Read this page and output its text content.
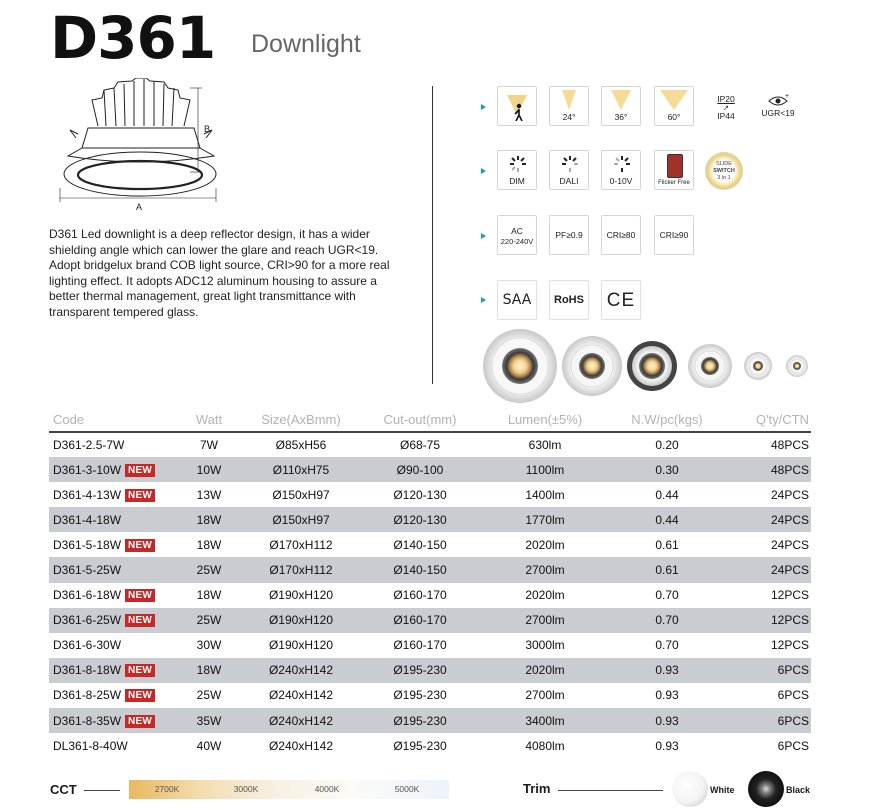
D361 Downlight
A
B
D361 Led downlight is a deep reflector design, it has a wider shielding angle which can lower the glare and reach UGR<19. Adopt bridgelux brand COB light source, CRI>90 for a more real lighting effect. It adopts ADC12 aluminum housing to assure a better thermal management, great light transmittance with transparent tempered glass.
24°	36°	60°
IP20
↗
IP44
+
UGR<19
DIM	DALI	0-10V	Flicker Free
SLIDE
SWITCH
3 in 1
AC
220-240V
PF≥0.9	CRI≥80	CRI≥90
SAA	RoHS CE
Code	Watt	Size(AxBmm)	Cut-out(mm)	Lumen(±5%)	N.W/pc(kgs)	Q'ty/CTN
D361-2.5-7W	7W	Ø85xH56	Ø68-75	630lm	0.20	48PCS
D361-3-10W NEW	10W	Ø110xH75	Ø90-100	1100lm	0.30	48PCS
D361-4-13W NEW	13W	Ø150xH97	Ø120-130	1400lm	0.44	24PCS
D361-4-18W	18W	Ø150xH97	Ø120-130	1770lm	0.44	24PCS
D361-5-18W NEW	18W	Ø170xH112	Ø140-150	2020lm	0.61	24PCS
D361-5-25W	25W	Ø170xH112	Ø140-150	2700lm	0.61	24PCS
D361-6-18W NEW	18W	Ø190xH120	Ø160-170	2020lm	0.70	12PCS
D361-6-25W NEW	25W	Ø190xH120	Ø160-170	2700lm	0.70	12PCS
D361-6-30W	30W	Ø190xH120	Ø160-170	3000lm	0.70	12PCS
D361-8-18W NEW	18W	Ø240xH142	Ø195-230	2020lm	0.93	6PCS
D361-8-25W NEW	25W	Ø240xH142	Ø195-230	2700lm	0.93	6PCS
D361-8-35W NEW	35W	Ø240xH142	Ø195-230	3400lm	0.93	6PCS
DL361-8-40W	40W	Ø240xH142	Ø195-230	4080lm	0.93	6PCS
CCT	2700K	3000K	4000K	5000K	Trim	White	Black
